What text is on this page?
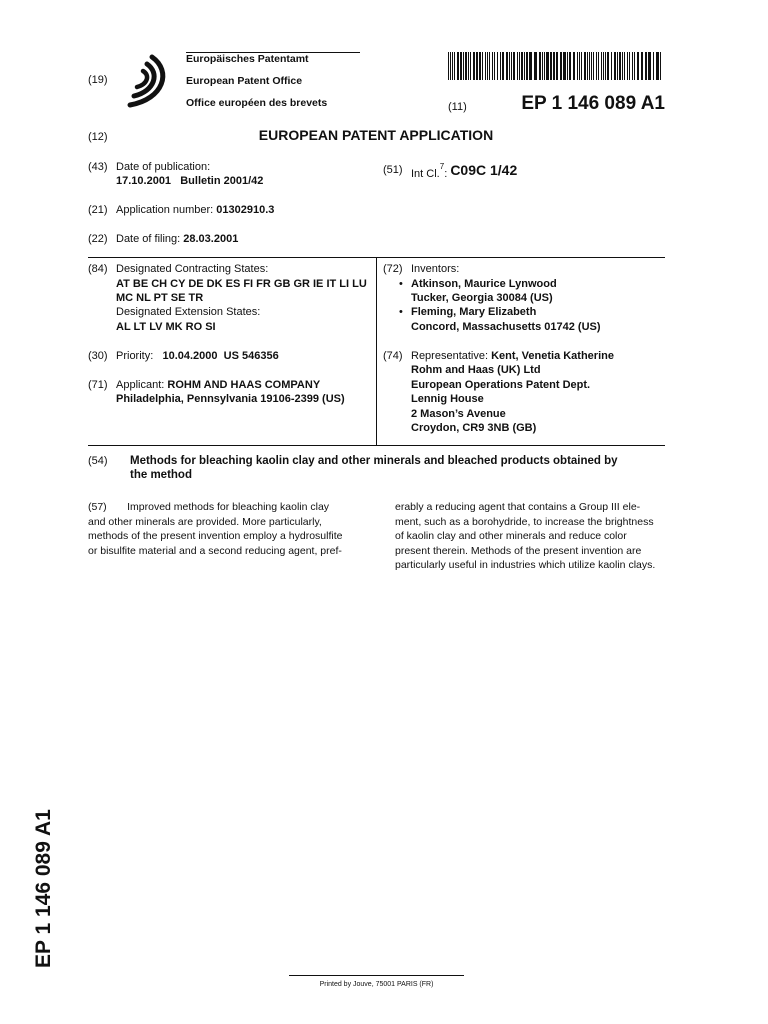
(19)
Europäisches Patentamt
European Patent Office
Office européen des brevets	(11)	EP 1 146 089 A1
(12)	EUROPEAN PATENT APPLICATION
(43) Date of publication:
17.10.2001 Bulletin 2001/42
(51) Int Cl.$^7$: C09C 1/42
(21) Application number: 01302910.3
(22) Date of filing: 28.03.2001
(84) Designated Contracting States:
AT BE CH CY DE DK ES FI FR GB GR IE IT LI LU
MC NL PT SE TR
Designated Extension States:
AL LT LV MK RO SI
(72) Inventors:
• Atkinson, Maurice Lynwood
Tucker, Georgia 30084 (US)
• Fleming, Mary Elizabeth
Concord, Massachusetts 01742 (US)
(30) Priority: 10.04.2000 US 546356
(71) Applicant: ROHM AND HAAS COMPANY
Philadelphia, Pennsylvania 19106-2399 (US)
(74) Representative: Kent, Venetia Katherine
Rohm and Haas (UK) Ltd
European Operations Patent Dept.
Lennig House
2 Mason’s Avenue
Croydon, CR9 3NB (GB)
(54) Methods for bleaching kaolin clay and other minerals and bleached products obtained by
the method
(57) Improved methods for bleaching kaolin clay
and other minerals are provided. More particularly,
methods of the present invention employ a hydrosulfite
or bisulfite material and a second reducing agent, pref-
erably a reducing agent that contains a Group III ele-
ment, such as a borohydride, to increase the brightness
of kaolin clay and other minerals and reduce color
present therein. Methods of the present invention are
particularly useful in industries which utilize kaolin clays.
EP 1 146 089 A1
Printed by Jouve, 75001 PARIS (FR)
